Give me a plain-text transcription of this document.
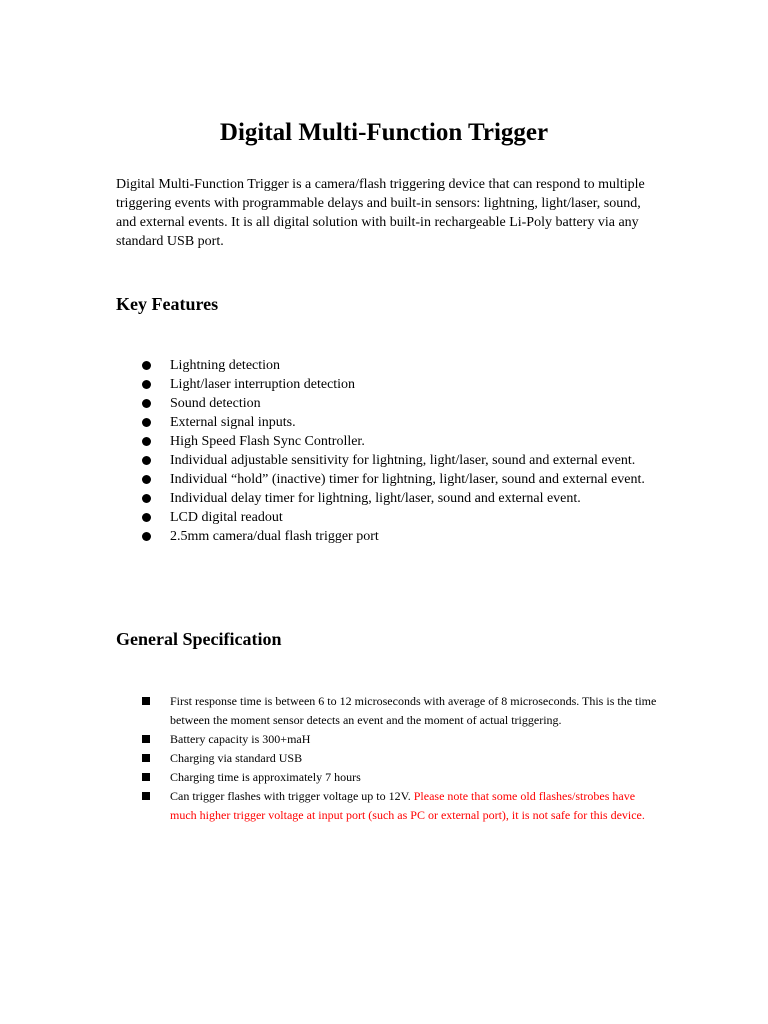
Digital Multi-Function Trigger

Digital Multi-Function Trigger is a camera/flash triggering device that can respond to multiple triggering events with programmable delays and built-in sensors: lightning, light/laser, sound, and external events. It is all digital solution with built-in rechargeable Li-Poly battery via any standard USB port.

Key Features
Lightning detection
Light/laser interruption detection
Sound detection
External signal inputs.
High Speed Flash Sync Controller.
Individual adjustable sensitivity for lightning, light/laser, sound and external event.
Individual “hold” (inactive) timer for lightning, light/laser, sound and external event.
Individual delay timer for lightning, light/laser, sound and external event.
LCD digital readout
2.5mm camera/dual flash trigger port
General Specification
First response time is between 6 to 12 microseconds with average of 8 microseconds. This is the time between the moment sensor detects an event and the moment of actual triggering.
Battery capacity is 300+maH
Charging via standard USB
Charging time is approximately 7 hours
Can trigger flashes with trigger voltage up to 12V. Please note that some old flashes/strobes have much higher trigger voltage at input port (such as PC or external port), it is not safe for this device.
